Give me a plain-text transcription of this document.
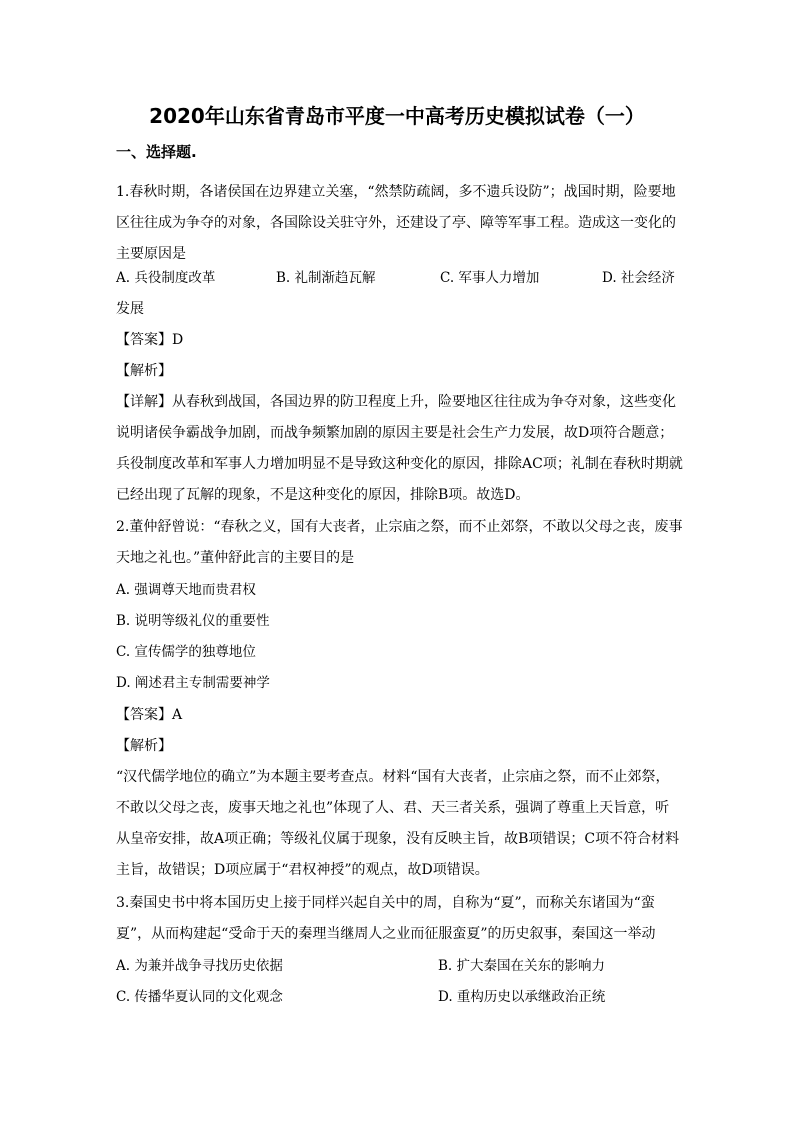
2020年山东省青岛市平度一中高考历史模拟试卷（一）
一、选择题.
1.春秋时期，各诸侯国在边界建立关塞，“然禁防疏阔，多不遗兵设防”；战国时期，险要地
区往往成为争夺的对象，各国除设关驻守外，还建设了亭、障等军事工程。造成这一变化的
主要原因是
A. 兵役制度改革	B. 礼制渐趋瓦解	C. 军事人力增加	D. 社会经济
发展
【答案】D
【解析】
【详解】从春秋到战国，各国边界的防卫程度上升，险要地区往往成为争夺对象，这些变化
说明诸侯争霸战争加剧，而战争频繁加剧的原因主要是社会生产力发展，故D项符合题意；
兵役制度改革和军事人力增加明显不是导致这种变化的原因，排除AC项；礼制在春秋时期就
已经出现了瓦解的现象，不是这种变化的原因，排除B项。故选D。
2.董仲舒曾说：“春秋之义，国有大丧者，止宗庙之祭，而不止郊祭，不敢以父母之丧，废事
天地之礼也。”董仲舒此言的主要目的是
A. 强调尊天地而贵君权
B. 说明等级礼仪的重要性
C. 宣传儒学的独尊地位
D. 阐述君主专制需要神学
【答案】A
【解析】
“汉代儒学地位的确立”为本题主要考查点。材料“国有大丧者，止宗庙之祭，而不止郊祭，
不敢以父母之丧，废事天地之礼也”体现了人、君、天三者关系，强调了尊重上天旨意，听
从皇帝安排，故A项正确；等级礼仪属于现象，没有反映主旨，故B项错误；C项不符合材料
主旨，故错误；D项应属于“君权神授”的观点，故D项错误。
3.秦国史书中将本国历史上接于同样兴起自关中的周，自称为“夏”，而称关东诸国为“蛮
夏”，从而构建起“受命于天的秦理当继周人之业而征服蛮夏”的历史叙事，秦国这一举动
A. 为兼并战争寻找历史依据	B. 扩大秦国在关东的影响力
C. 传播华夏认同的文化观念	D. 重构历史以承继政治正统
